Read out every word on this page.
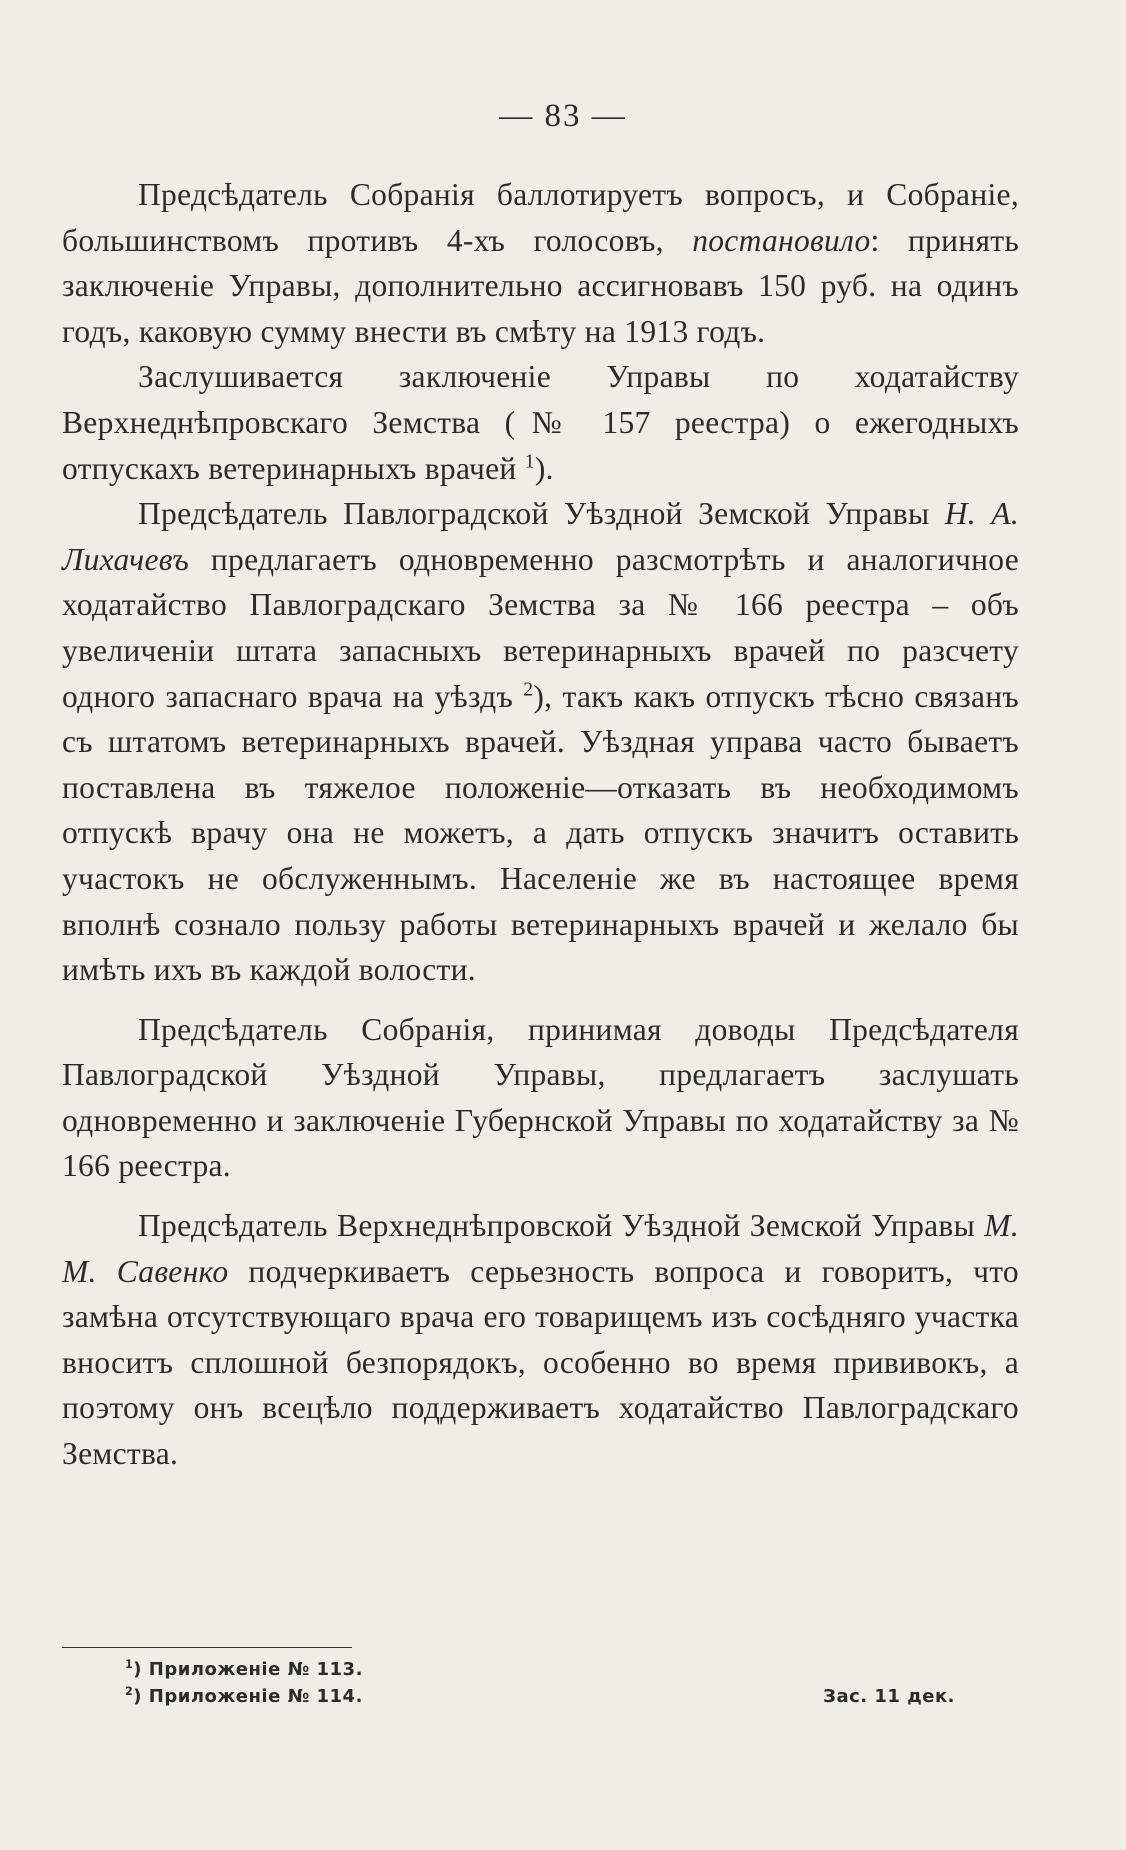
— 83 —

Предсѣдатель Собранія баллотируетъ вопросъ, и Собраніе, большинствомъ противъ 4-хъ голосовъ, постановило: принять заключеніе Управы, дополнительно ассигновавъ 150 руб. на одинъ годъ, каковую сумму внести въ смѣту на 1913 годъ.

Заслушивается заключеніе Управы по ходатайству Верхнеднѣпровскаго Земства (№ 157 реестра) о ежегодныхъ отпускахъ ветеринарныхъ врачей $^1$).

Предсѣдатель Павлоградской Уѣздной Земской Управы Н. А. Лихачевъ предлагаетъ одновременно разсмотрѣть и аналогичное ходатайство Павлоградскаго Земства за № 166 реестра – объ увеличеніи штата запасныхъ ветеринарныхъ врачей по разсчету одного запаснаго врача на уѣздъ $^2$), такъ какъ отпускъ тѣсно связанъ съ штатомъ ветеринарныхъ врачей. Уѣздная управа часто бываетъ поставлена въ тяжелое положеніе—отказать въ необходимомъ отпускѣ врачу она не можетъ, а дать отпускъ значитъ оставить участокъ не обслуженнымъ. Населеніе же въ настоящее время вполнѣ сознало пользу работы ветеринарныхъ врачей и желало бы имѣть ихъ въ каждой волости.

Предсѣдатель Собранія, принимая доводы Предсѣдателя Павлоградской Уѣздной Управы, предлагаетъ заслушать одновременно и заключеніе Губернской Управы по ходатайству за № 166 реестра.

Предсѣдатель Верхнеднѣпровской Уѣздной Земской Управы М. М. Савенко подчеркиваетъ серьезность вопроса и говоритъ, что замѣна отсутствующаго врача его товарищемъ изъ сосѣдняго участка вноситъ сплошной безпорядокъ, особенно во время прививокъ, а поэтому онъ всецѣло поддерживаетъ ходатайство Павлоградскаго Земства.

$^1$) Приложеніе № 113.
$^2$) Приложеніе № 114.	Зас. 11 дек.
